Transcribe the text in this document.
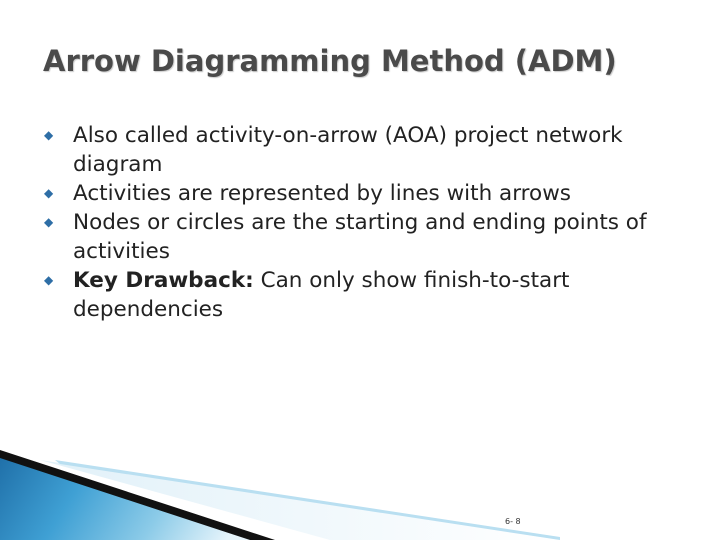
Arrow Diagramming Method (ADM)
◆ Also called activity-on-arrow (AOA) project network diagram
◆ Activities are represented by lines with arrows
◆ Nodes or circles are the starting and ending points of activities
◆ Key Drawback: Can only show finish-to-start dependencies
6- 8
